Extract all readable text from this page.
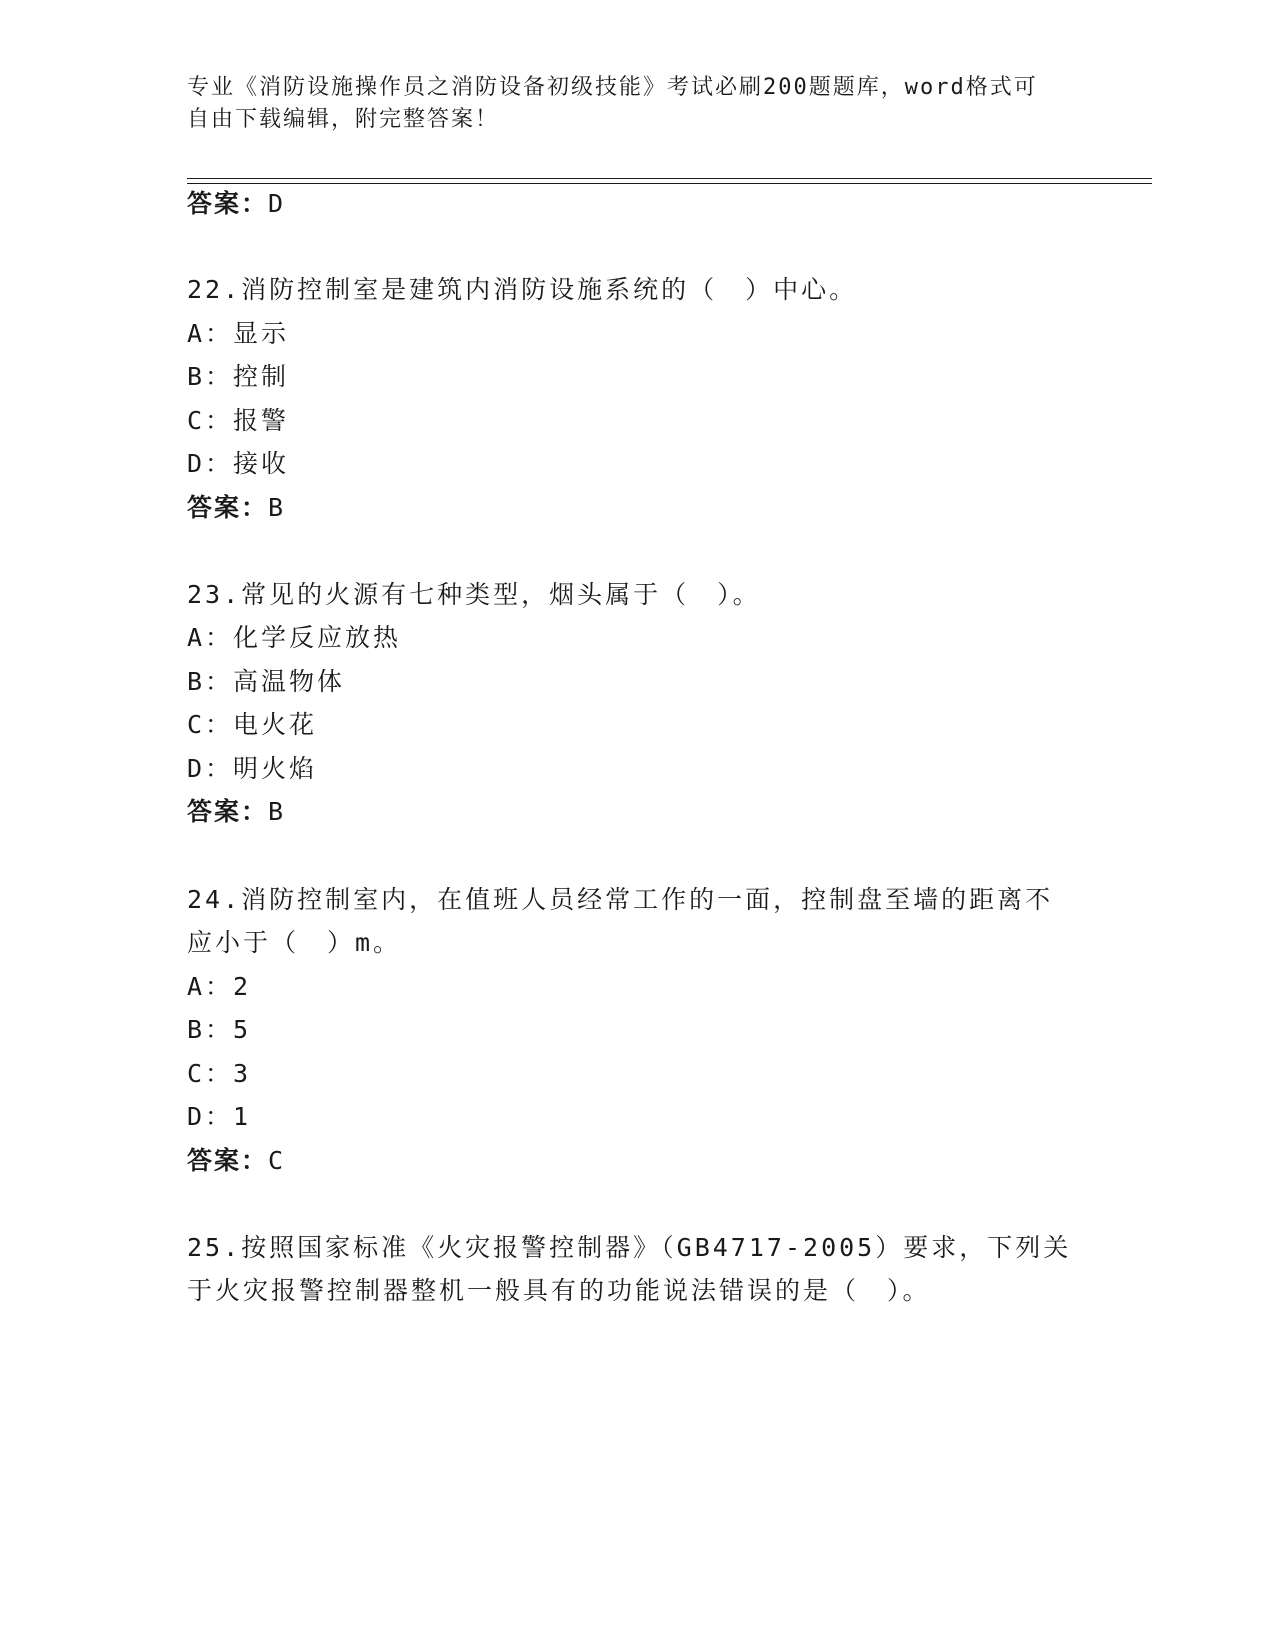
专业《消防设施操作员之消防设备初级技能》考试必刷200题题库，word格式可
自由下载编辑，附完整答案！
答案：D
22.消防控制室是建筑内消防设施系统的（　）中心。
A：显示
B：控制
C：报警
D：接收
答案：B
23.常见的火源有七种类型，烟头属于（　）。
A：化学反应放热
B：高温物体
C：电火花
D：明火焰
答案：B
24.消防控制室内，在值班人员经常工作的一面，控制盘至墙的距离不
应小于（　）m。
A：2
B：5
C：3
D：1
答案：C
25.按照国家标准《火灾报警控制器》（GB4717-2005）要求，下列关
于火灾报警控制器整机一般具有的功能说法错误的是（　）。
